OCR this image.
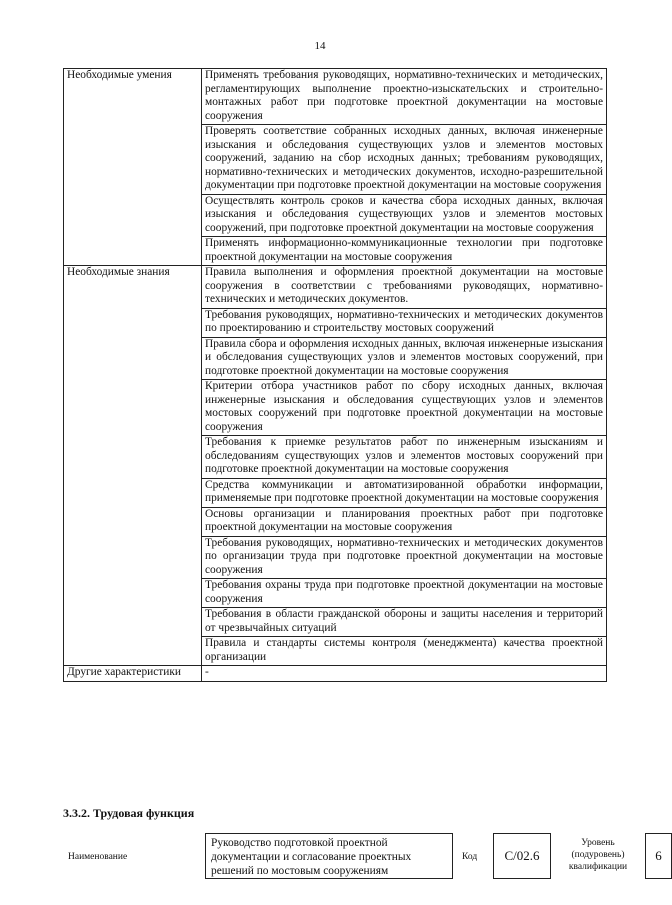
14
Необходимые умения	Применять требования руководящих, нормативно-технических и методических, регламентирующих выполнение проектно-изыскательских и строительно-монтажных работ при подготовке проектной документации на мостовые сооружения
	Проверять соответствие собранных исходных данных, включая инженерные изыскания и обследования существующих узлов и элементов мостовых сооружений, заданию на сбор исходных данных; требованиям руководящих, нормативно-технических и методических документов, исходно-разрешительной документации при подготовке проектной документации на мостовые сооружения
	Осуществлять контроль сроков и качества сбора исходных данных, включая изыскания и обследования существующих узлов и элементов мостовых сооружений, при подготовке проектной документации на мостовые сооружения
	Применять информационно-коммуникационные технологии при подготовке проектной документации на мостовые сооружения
Необходимые знания	Правила выполнения и оформления проектной документации на мостовые сооружения в соответствии с требованиями руководящих, нормативно-технических и методических документов.
	Требования руководящих, нормативно-технических и методических документов по проектированию и строительству мостовых сооружений
	Правила сбора и оформления исходных данных, включая инженерные изыскания и обследования существующих узлов и элементов мостовых сооружений, при подготовке проектной документации на мостовые сооружения
	Критерии отбора участников работ по сбору исходных данных, включая инженерные изыскания и обследования существующих узлов и элементов мостовых сооружений при подготовке проектной документации на мостовые сооружения
	Требования к приемке результатов работ по инженерным изысканиям и обследованиям существующих узлов и элементов мостовых сооружений при подготовке проектной документации на мостовые сооружения
	Средства коммуникации и автоматизированной обработки информации, применяемые при подготовке проектной документации на мостовые сооружения
	Основы организации и планирования проектных работ при подготовке проектной документации на мостовые сооружения
	Требования руководящих, нормативно-технических и методических документов по организации труда при подготовке проектной документации на мостовые сооружения
	Требования охраны труда при подготовке проектной документации на мостовые сооружения
	Требования в области гражданской обороны и защиты населения и территорий от чрезвычайных ситуаций
	Правила и стандарты системы контроля (менеджмента) качества проектной организации
Другие характеристики	-
3.3.2. Трудовая функция
Наименование
Руководство подготовкой проектной документации и согласование проектных решений по мостовым сооружениям
Код	C/02.6
Уровень (подуровень) квалификации
6
